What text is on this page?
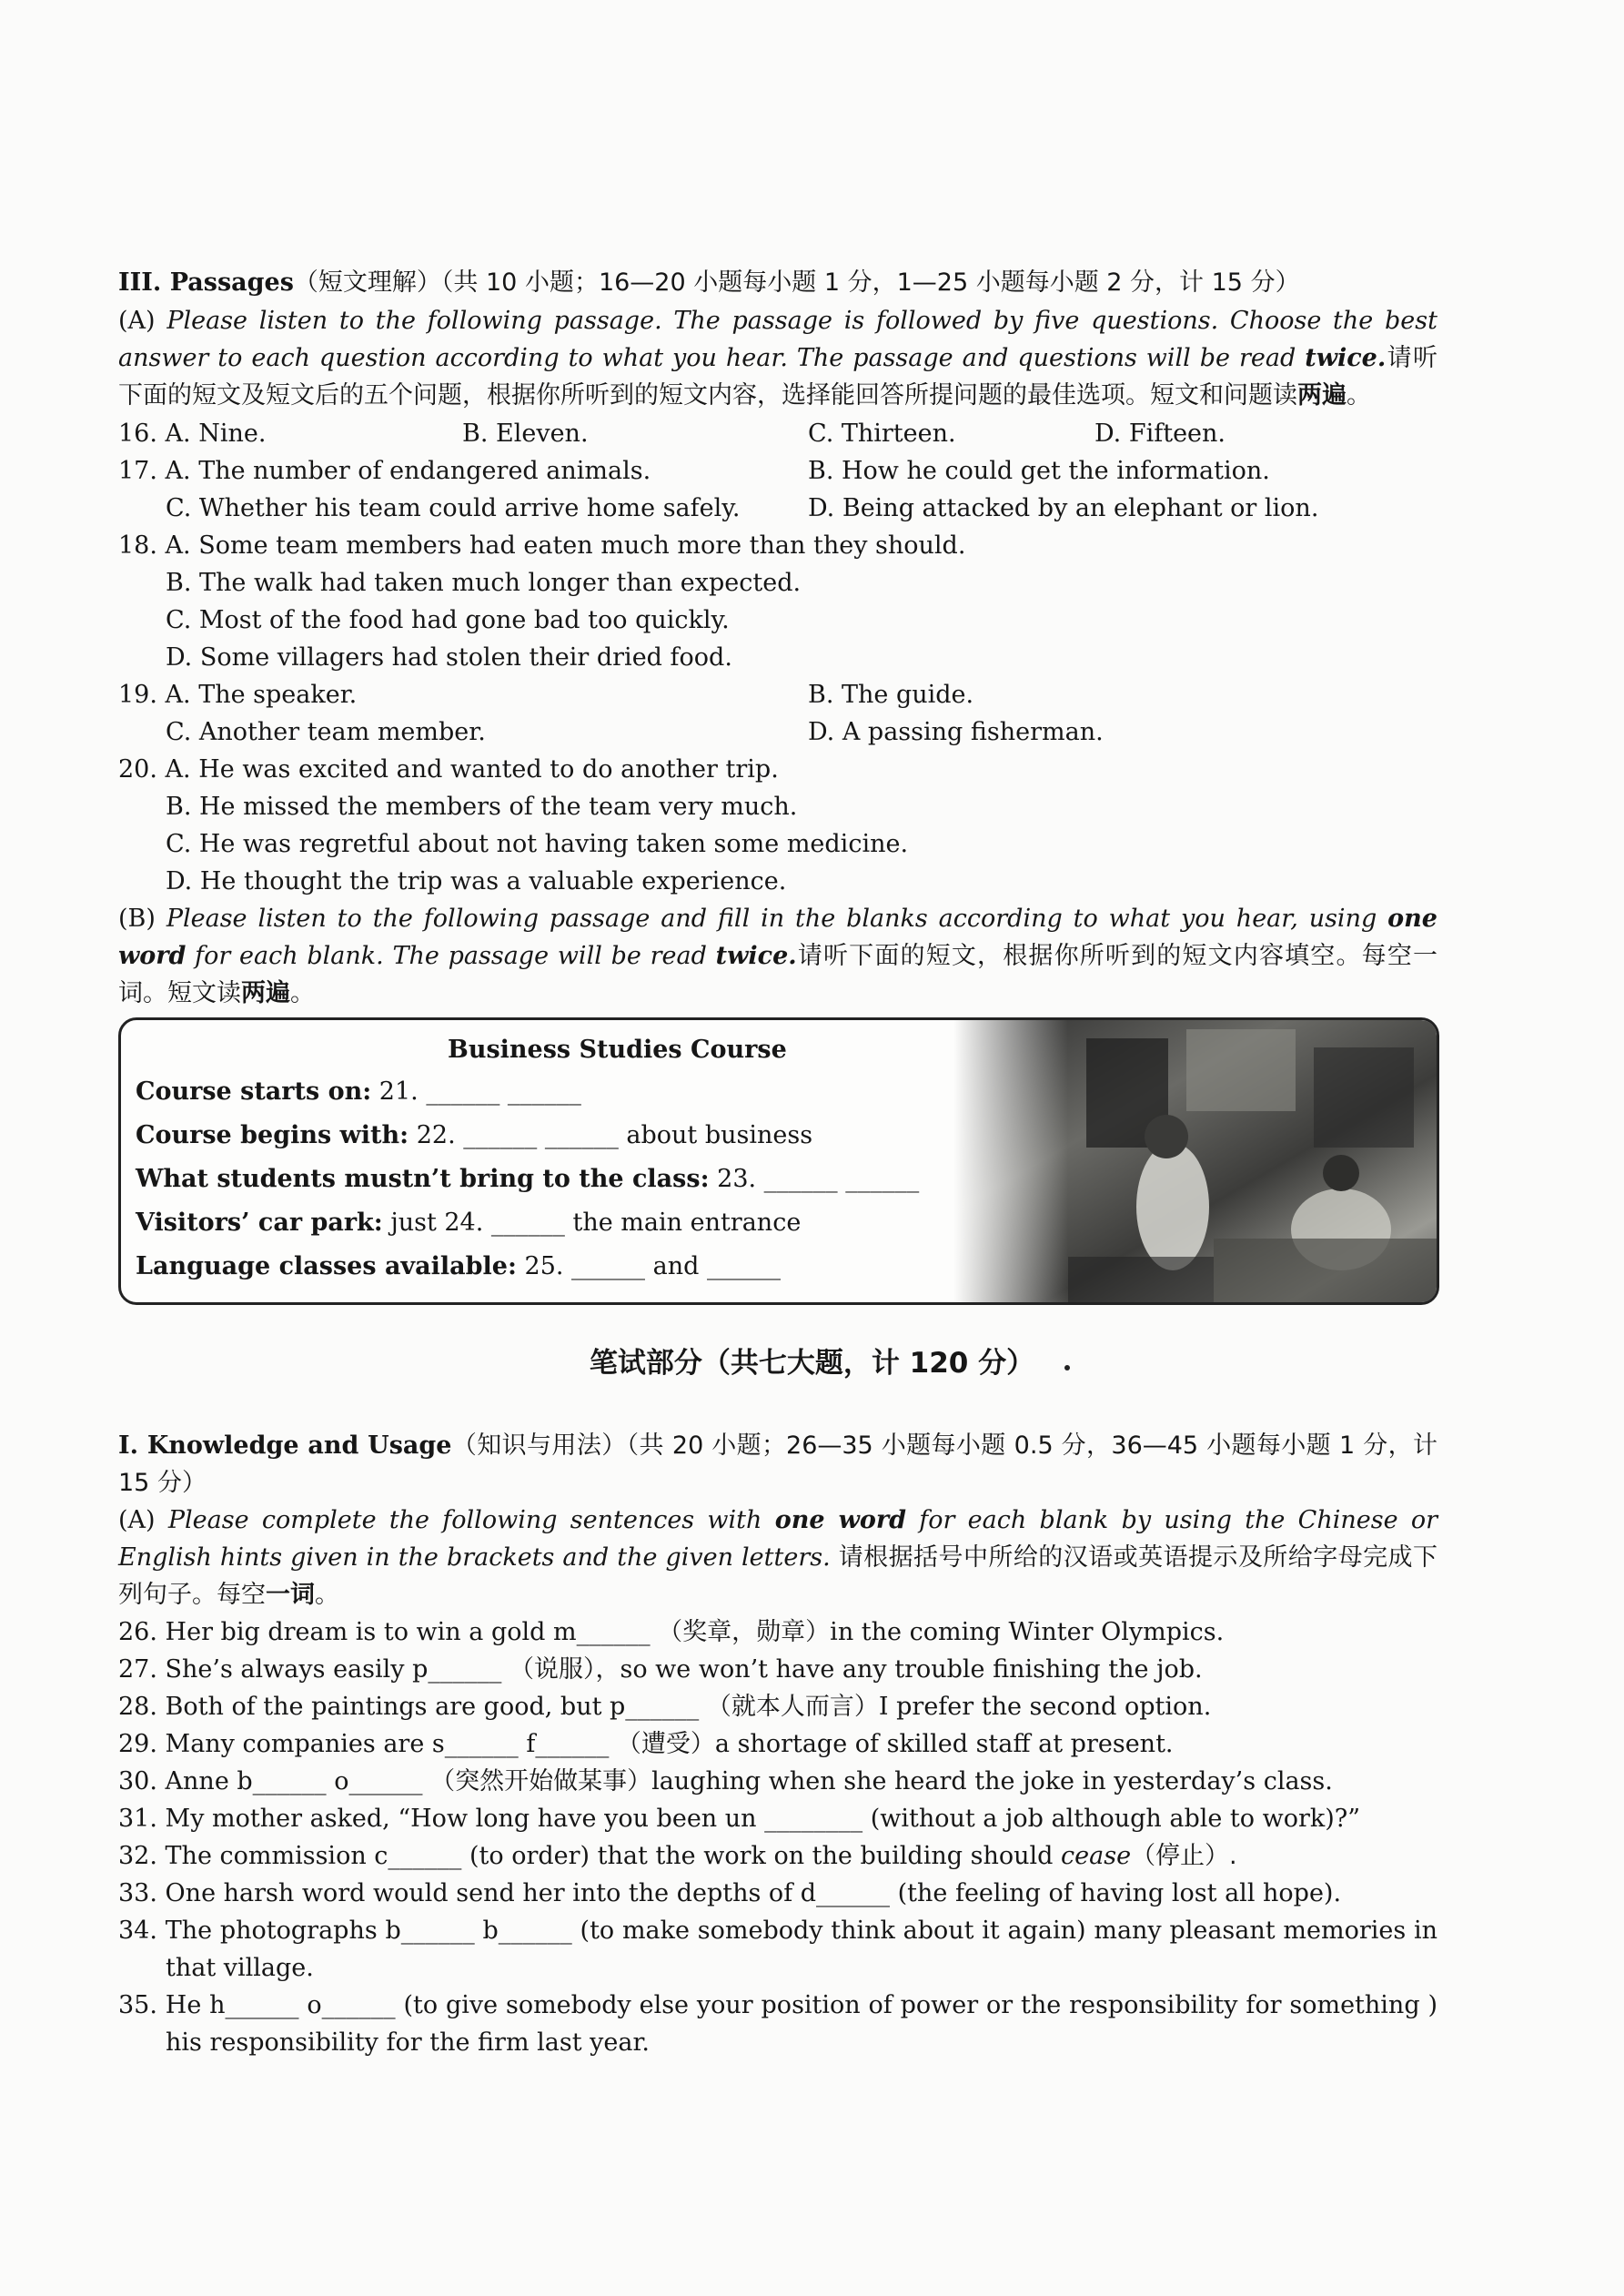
III. Passages（短文理解）（共 10 小题；16—20 小题每小题 1 分，1—25 小题每小题 2 分，计 15 分）
(A) Please listen to the following passage. The passage is followed by five questions. Choose the best answer to each question according to what you hear. The passage and questions will be read twice.请听下面的短文及短文后的五个问题，根据你所听到的短文内容，选择能回答所提问题的最佳选项。短文和问题读两遍。
16. A. Nine.	B. Eleven.	C. Thirteen.	D. Fifteen.
17. A. The number of endangered animals.	B. How he could get the information.
C. Whether his team could arrive home safely.	D. Being attacked by an elephant or lion.
18. A. Some team members had eaten much more than they should.
B. The walk had taken much longer than expected.
C. Most of the food had gone bad too quickly.
D. Some villagers had stolen their dried food.
19. A. The speaker.	B. The guide.
C. Another team member.	D. A passing fisherman.
20. A. He was excited and wanted to do another trip.
B. He missed the members of the team very much.
C. He was regretful about not having taken some medicine.
D. He thought the trip was a valuable experience.
(B) Please listen to the following passage and fill in the blanks according to what you hear, using one word for each blank. The passage will be read twice.请听下面的短文，根据你所听到的短文内容填空。每空一词。短文读两遍。
Business Studies Course
Course starts on: 21. ______ ______
Course begins with: 22. ______ ______ about business
What students mustn’t bring to the class: 23. ______ ______
Visitors’ car park: just 24. ______ the main entrance
Language classes available: 25. ______ and ______
笔试部分（共七大题，计 120 分）
I. Knowledge and Usage（知识与用法）（共 20 小题；26—35 小题每小题 0.5 分，36—45 小题每小题 1 分，计 15 分）
(A) Please complete the following sentences with one word for each blank by using the Chinese or English hints given in the brackets and the given letters. 请根据括号中所给的汉语或英语提示及所给字母完成下列句子。每空一词。
26. Her big dream is to win a gold m______ （奖章，勋章）in the coming Winter Olympics.
27. She’s always easily p______ （说服），so we won’t have any trouble finishing the job.
28. Both of the paintings are good, but p______ （就本人而言）I prefer the second option.
29. Many companies are s______ f______ （遭受）a shortage of skilled staff at present.
30. Anne b______ o______ （突然开始做某事）laughing when she heard the joke in yesterday’s class.
31. My mother asked, “How long have you been un ________ (without a job although able to work)?”
32. The commission c______ (to order) that the work on the building should cease（停止）.
33. One harsh word would send her into the depths of d______ (the feeling of having lost all hope).
34. The photographs b______ b______ (to make somebody think about it again) many pleasant memories in that village.
35. He h______ o______ (to give somebody else your position of power or the responsibility for something ) his responsibility for the firm last year.
